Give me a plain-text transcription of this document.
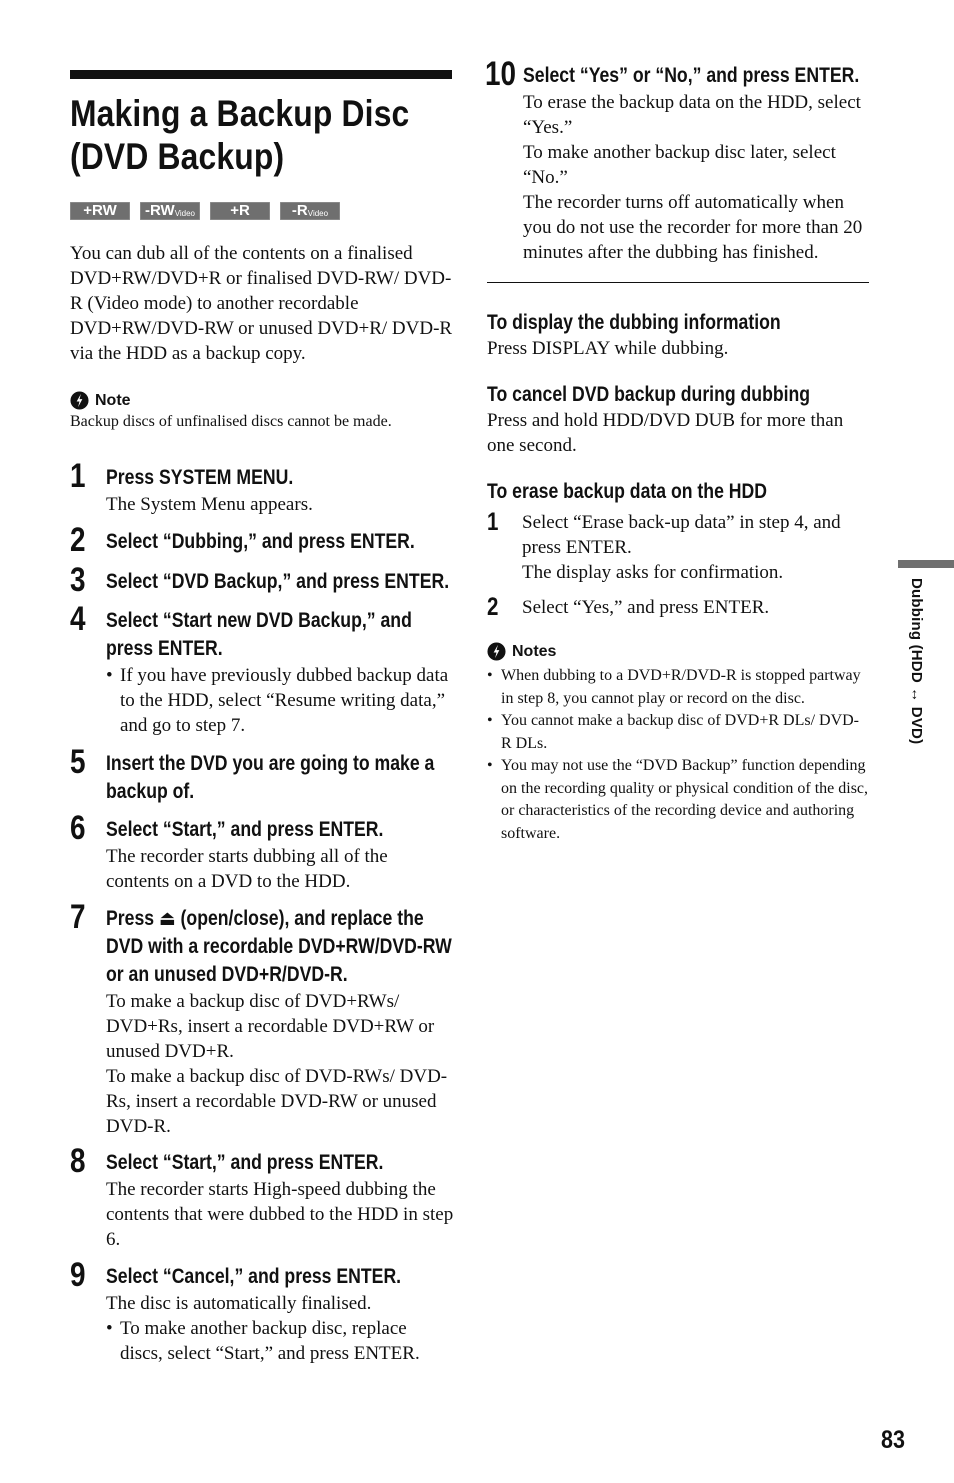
Making a Backup Disc
(DVD Backup)
+RW -RW Video +R	-R Video

You can dub all of the contents on a finalised DVD+RW/DVD+R or finalised DVD-RW/ DVD-R (Video mode) to another recordable DVD+RW/DVD-RW or unused DVD+R/ DVD-R via the HDD as a backup copy.

Note

Backup discs of unfinalised discs cannot be made.

1 Press SYSTEM MENU.

The System Menu appears.

2 Select “Dubbing,” and press ENTER.
3 Select “DVD Backup,” and press ENTER.
4 Select “Start new DVD Backup,” and press ENTER.

• If you have previously dubbed backup data to the HDD, select “Resume writing data,” and go to step 7.

5 Insert the DVD you are going to make a backup of.
6 Select “Start,” and press ENTER.

The recorder starts dubbing all of the contents on a DVD to the HDD.

7 Press ⏏ (open/close), and replace the DVD with a recordable DVD+RW/DVD-RW or an unused DVD+R/DVD-R.

To make a backup disc of DVD+RWs/ DVD+Rs, insert a recordable DVD+RW or unused DVD+R.

To make a backup disc of DVD-RWs/ DVD-Rs, insert a recordable DVD-RW or unused DVD-R.

8 Select “Start,” and press ENTER.

The recorder starts High-speed dubbing the contents that were dubbed to the HDD in step 6.

9 Select “Cancel,” and press ENTER.

The disc is automatically finalised.

• To make another backup disc, replace discs, select “Start,” and press ENTER.

10 Select “Yes” or “No,” and press ENTER.

To erase the backup data on the HDD, select “Yes.”

To make another backup disc later, select “No.”

The recorder turns off automatically when you do not use the recorder for more than 20 minutes after the dubbing has finished.

To display the dubbing information

Press DISPLAY while dubbing.

To cancel DVD backup during dubbing

Press and hold HDD/DVD DUB for more than one second.

To erase backup data on the HDD
1 Select “Erase back-up data” in step 4, and press ENTER.

The display asks for confirmation.

2 Select “Yes,” and press ENTER.

Notes

• When dubbing to a DVD+R/DVD-R is stopped partway in step 8, you cannot play or record on the disc.

• You cannot make a backup disc of DVD+R DLs/ DVD-R DLs.

• You may not use the “DVD Backup” function depending on the recording quality or physical condition of the disc, or characteristics of the recording device and authoring software.

Dubbing (HDD ↔ DVD)
83
